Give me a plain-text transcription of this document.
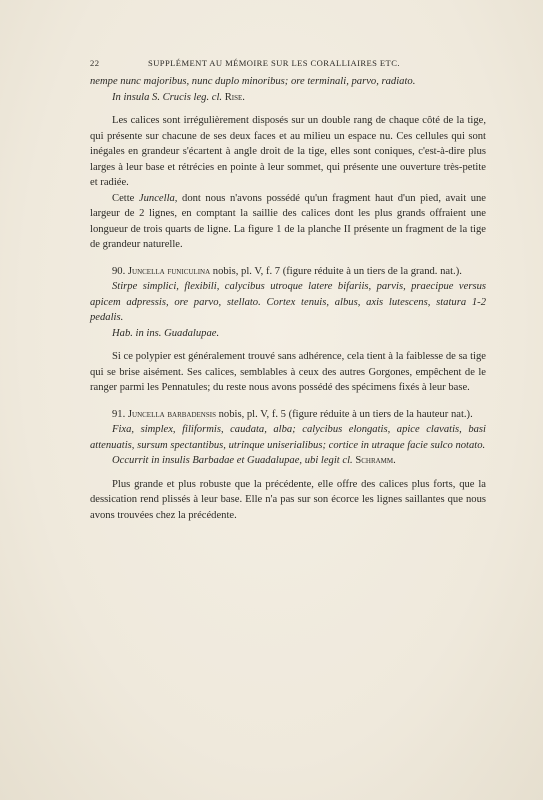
22	SUPPLÉMENT AU MÉMOIRE SUR LES CORALLIAIRES ETC.

nempe nunc majoribus, nunc duplo minoribus; ore terminali, parvo, radiato.

In insula S. Crucis leg. cl. Rise.

Les calices sont irrégulièrement disposés sur un double rang de chaque côté de la tige, qui présente sur chacune de ses deux faces et au milieu un espace nu. Ces cellules qui sont inégales en grandeur s'écartent à angle droit de la tige, elles sont coniques, c'est-à-dire plus larges à leur base et rétrécies en pointe à leur sommet, qui présente une ouverture très-petite et radiée.

Cette Juncella, dont nous n'avons possédé qu'un fragment haut d'un pied, avait une largeur de 2 lignes, en comptant la saillie des calices dont les plus grands offraient une longueur de trois quarts de ligne. La figure 1 de la planche II présente un fragment de la tige de grandeur naturelle.

90. Juncella funiculina nobis, pl. V, f. 7 (figure réduite à un tiers de la grand. nat.).

Stirpe simplici, flexibili, calycibus utroque latere bifariis, parvis, praecipue versus apicem adpressis, ore parvo, stellato. Cortex tenuis, albus, axis lutescens, statura 1-2 pedalis.

Hab. in ins. Guadalupae.

Si ce polypier est généralement trouvé sans adhérence, cela tient à la faiblesse de sa tige qui se brise aisément. Ses calices, semblables à ceux des autres Gorgones, empêchent de le ranger parmi les Pennatules; du reste nous avons possédé des spécimens fixés à leur base.

91. Juncella barbadensis nobis, pl. V, f. 5 (figure réduite à un tiers de la hauteur nat.).

Fixa, simplex, filiformis, caudata, alba; calycibus elongatis, apice clavatis, basi attenuatis, sursum spectantibus, utrinque uniserialibus; cortice in utraque facie sulco notato.

Occurrit in insulis Barbadae et Guadalupae, ubi legit cl. Schramm.

Plus grande et plus robuste que la précédente, elle offre des calices plus forts, que la dessication rend plissés à leur base. Elle n'a pas sur son écorce les lignes saillantes que nous avons trouvées chez la précédente.
